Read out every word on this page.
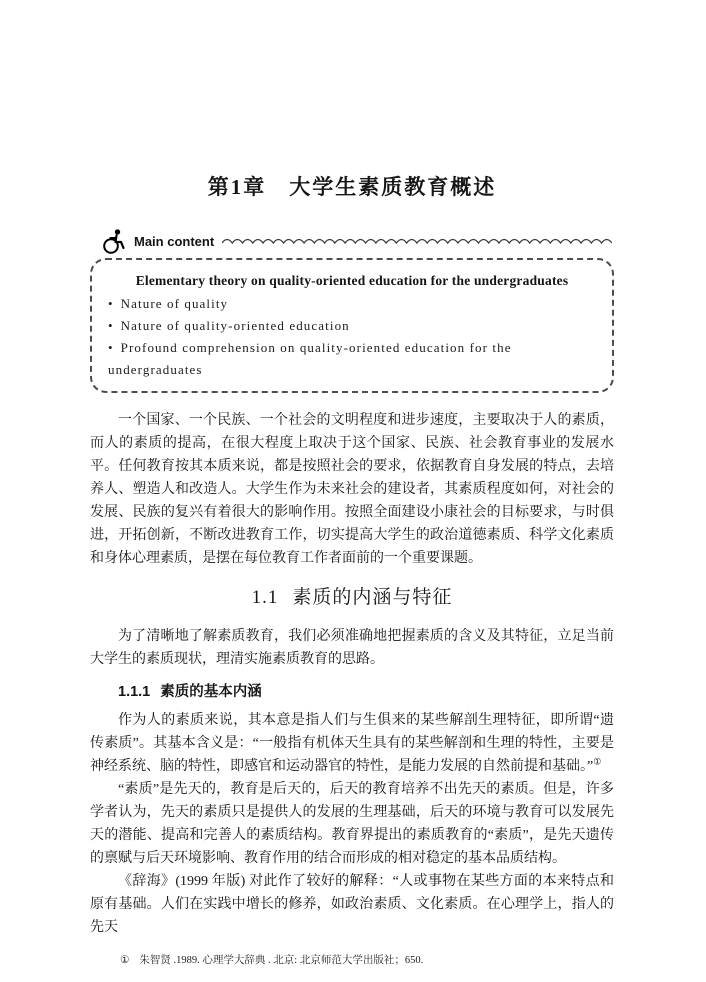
第1章　大学生素质教育概述
Main content
Elementary theory on quality-oriented education for the undergraduates
• Nature of quality
• Nature of quality-oriented education
• Profound comprehension on quality-oriented education for the undergraduates

一个国家、一个民族、一个社会的文明程度和进步速度，主要取决于人的素质，而人的素质的提高，在很大程度上取决于这个国家、民族、社会教育事业的发展水平。任何教育按其本质来说，都是按照社会的要求，依据教育自身发展的特点，去培养人、塑造人和改造人。大学生作为未来社会的建设者，其素质程度如何，对社会的发展、民族的复兴有着很大的影响作用。按照全面建设小康社会的目标要求，与时俱进，开拓创新，不断改进教育工作，切实提高大学生的政治道德素质、科学文化素质和身体心理素质，是摆在每位教育工作者面前的一个重要课题。

1.1 素质的内涵与特征

为了清晰地了解素质教育，我们必须准确地把握素质的含义及其特征，立足当前大学生的素质现状，理清实施素质教育的思路。

1.1.1 素质的基本内涵

作为人的素质来说，其本意是指人们与生俱来的某些解剖生理特征，即所谓“遗传素质”。其基本含义是：“一般指有机体天生具有的某些解剖和生理的特性，主要是神经系统、脑的特性，即感官和运动器官的特性，是能力发展的自然前提和基础。”①

“素质”是先天的，教育是后天的，后天的教育培养不出先天的素质。但是，许多学者认为，先天的素质只是提供人的发展的生理基础，后天的环境与教育可以发展先天的潜能、提高和完善人的素质结构。教育界提出的素质教育的“素质”，是先天遗传的禀赋与后天环境影响、教育作用的结合而形成的相对稳定的基本品质结构。

《辞海》(1999 年版) 对此作了较好的解释：“人或事物在某些方面的本来特点和原有基础。人们在实践中增长的修养，如政治素质、文化素质。在心理学上，指人的先天

① 朱智贤 .1989. 心理学大辞典 . 北京: 北京师范大学出版社；650.
